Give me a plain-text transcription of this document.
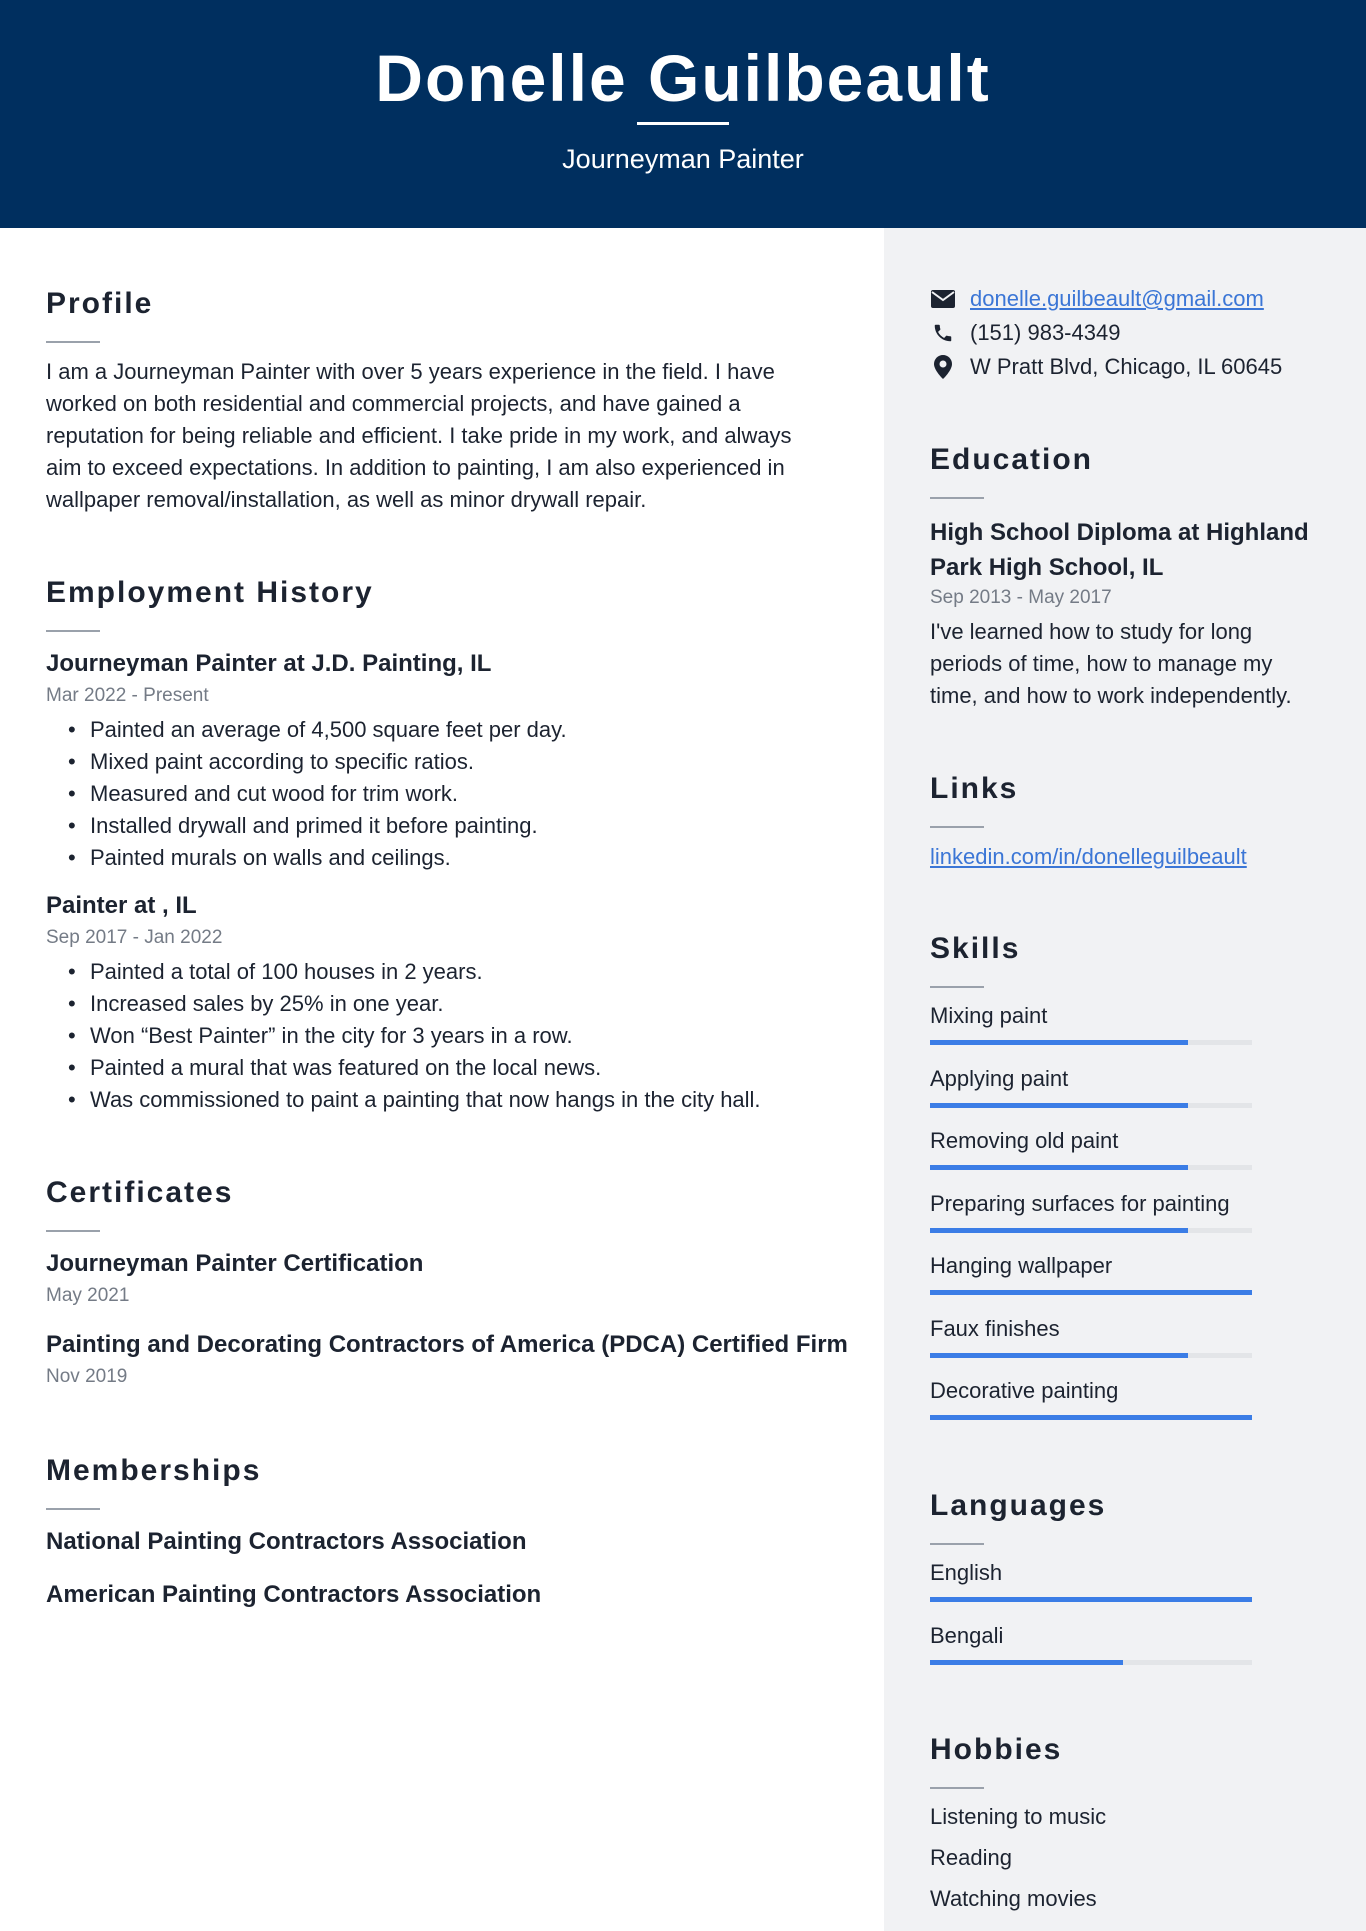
Donelle Guilbeault
Journeyman Painter
Profile
I am a Journeyman Painter with over 5 years experience in the field. I have
worked on both residential and commercial projects, and have gained a
reputation for being reliable and efficient. I take pride in my work, and always
aim to exceed expectations. In addition to painting, I am also experienced in
wallpaper removal/installation, as well as minor drywall repair.
Employment History
Journeyman Painter at J.D. Painting, IL
Mar 2022 - Present
• Painted an average of 4,500 square feet per day.
• Mixed paint according to specific ratios.
• Measured and cut wood for trim work.
• Installed drywall and primed it before painting.
• Painted murals on walls and ceilings.
Painter at , IL
Sep 2017 - Jan 2022
• Painted a total of 100 houses in 2 years.
• Increased sales by 25% in one year.
• Won “Best Painter” in the city for 3 years in a row.
• Painted a mural that was featured on the local news.
• Was commissioned to paint a painting that now hangs in the city hall.
Certificates
Journeyman Painter Certification
May 2021
Painting and Decorating Contractors of America (PDCA) Certified Firm
Nov 2019
Memberships
National Painting Contractors Association
American Painting Contractors Association
donelle.guilbeault@gmail.com
(151) 983-4349
W Pratt Blvd, Chicago, IL 60645
Education
High School Diploma at Highland
Park High School, IL
Sep 2013 - May 2017
I've learned how to study for long
periods of time, how to manage my
time, and how to work independently.
Links
linkedin.com/in/donelleguilbeault
Skills
Mixing paint
Applying paint
Removing old paint
Preparing surfaces for painting
Hanging wallpaper
Faux finishes
Decorative painting
Languages
English
Bengali
Hobbies
Listening to music
Reading
Watching movies
